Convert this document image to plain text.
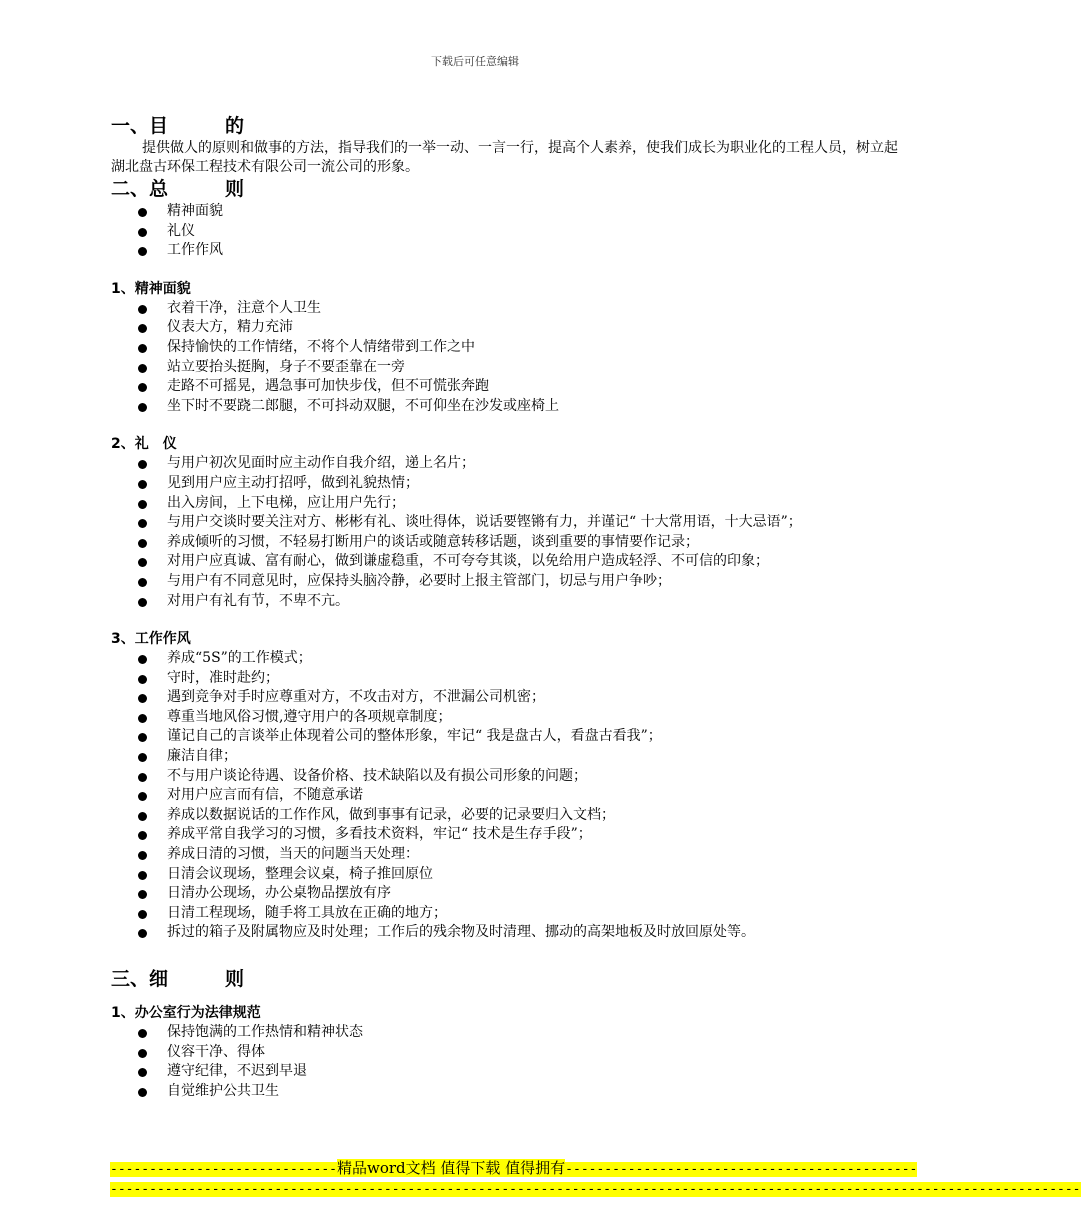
下载后可任意编辑
一、目　　　的

提供做人的原则和做事的方法，指导我们的一举一动、一言一行，提高个人素养，使我们成长为职业化的工程人员，树立起湖北盘古环保工程技术有限公司一流公司的形象。

二、总　　　则
精神面貌
礼仪
工作作风
1、精神面貌
衣着干净，注意个人卫生
仪表大方，精力充沛
保持愉快的工作情绪，不将个人情绪带到工作之中
站立要抬头挺胸，身子不要歪靠在一旁
走路不可摇晃，遇急事可加快步伐，但不可慌张奔跑
坐下时不要跷二郎腿，不可抖动双腿，不可仰坐在沙发或座椅上
2、礼　仪
与用户初次见面时应主动作自我介绍，递上名片；
见到用户应主动打招呼，做到礼貌热情；
出入房间，上下电梯，应让用户先行；
与用户交谈时要关注对方、彬彬有礼、谈吐得体，说话要铿锵有力，并谨记“ 十大常用语，十大忌语”；
养成倾听的习惯，不轻易打断用户的谈话或随意转移话题，谈到重要的事情要作记录；
对用户应真诚、富有耐心，做到谦虚稳重，不可夸夸其谈，以免给用户造成轻浮、不可信的印象；
与用户有不同意见时，应保持头脑冷静，必要时上报主管部门，切忌与用户争吵；
对用户有礼有节，不卑不亢。
3、工作作风
养成“5S”的工作模式；
守时，准时赴约；
遇到竞争对手时应尊重对方，不攻击对方，不泄漏公司机密；
尊重当地风俗习惯,遵守用户的各项规章制度；
谨记自己的言谈举止体现着公司的整体形象，牢记“ 我是盘古人，看盘古看我”；
廉洁自律；
不与用户谈论待遇、设备价格、技术缺陷以及有损公司形象的问题；
对用户应言而有信，不随意承诺
养成以数据说话的工作作风，做到事事有记录，必要的记录要归入文档；
养成平常自我学习的习惯，多看技术资料，牢记“ 技术是生存手段”；
养成日清的习惯，当天的问题当天处理：
日清会议现场，整理会议桌，椅子推回原位
日清办公现场，办公桌物品摆放有序
日清工程现场，随手将工具放在正确的地方；
拆过的箱子及附属物应及时处理；工作后的残余物及时清理、挪动的高架地板及时放回原处等。
三、细　　　则
1、办公室行为法律规范
保持饱满的工作热情和精神状态
仪容干净、得体
遵守纪律，不迟到早退
自觉维护公共卫生
-----------------------------精品word文档 值得下载 值得拥有---------------------------------------------
----------------------------------------------------------------------------------------------------------------------------
